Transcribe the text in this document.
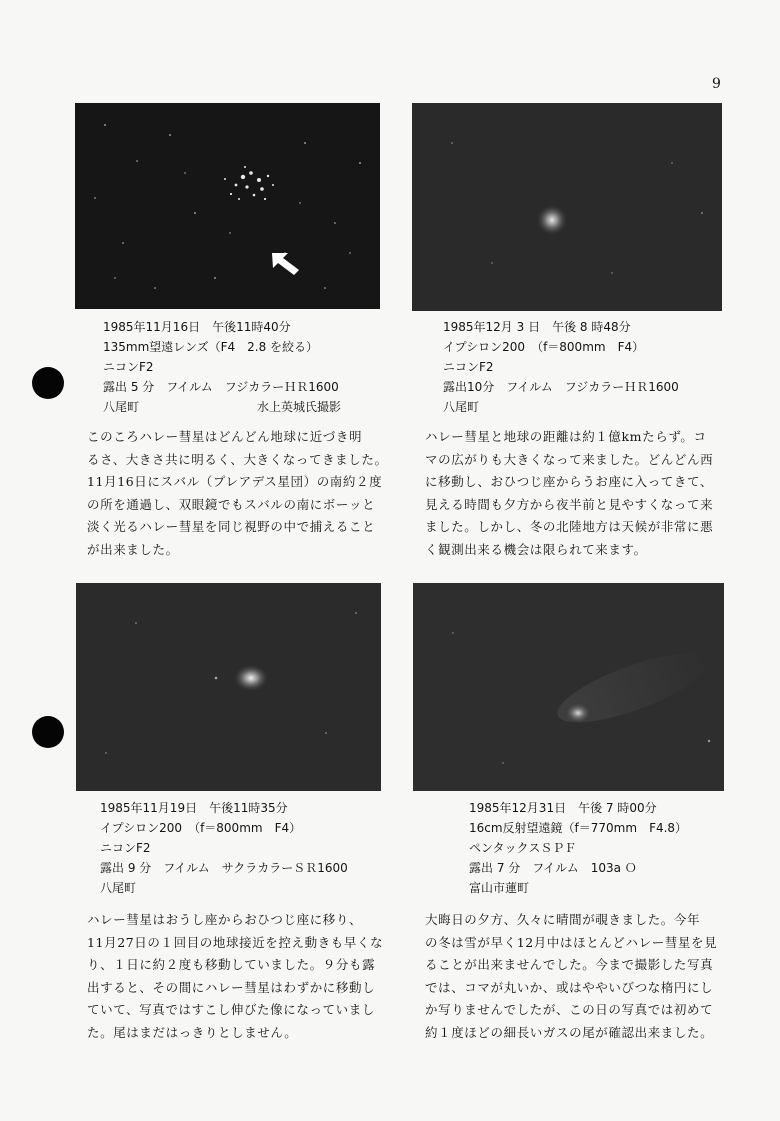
9
1985年11月16日　午後11時40分
135mm望遠レンズ（F4　2.8 を絞る）
ニコンF2
露出 5 分　フイルム　フジカラーＨＲ1600
八尾町	水上英城氏撮影
このころハレー彗星はどんどん地球に近づき明
るさ、大きさ共に明るく、大きくなってきました。
11月16日にスバル（プレアデス星団）の南約２度
の所を通過し、双眼鏡でもスバルの南にボーッと
淡く光るハレー彗星を同じ視野の中で捕えること
が出来ました。
1985年12月 3 日　午後 8 時48分
イプシロン200　（f＝800mm　F4）
ニコンF2
露出10分　フイルム　フジカラーＨＲ1600
八尾町
ハレー彗星と地球の距離は約１億kmたらず。コ
マの広がりも大きくなって来ました。どんどん西
に移動し、おひつじ座からうお座に入ってきて、
見える時間も夕方から夜半前と見やすくなって来
ました。しかし、冬の北陸地方は天候が非常に悪
く観測出来る機会は限られて来ます。
1985年11月19日　午後11時35分
イプシロン200　（f＝800mm　F4）
ニコンF2
露出 9 分　フイルム　サクラカラーＳＲ1600
八尾町
ハレー彗星はおうし座からおひつじ座に移り、
11月27日の１回目の地球接近を控え動きも早くな
り、１日に約２度も移動していました。９分も露
出すると、その間にハレー彗星はわずかに移動し
ていて、写真ではすこし伸びた像になっていまし
た。尾はまだはっきりとしません。
1985年12月31日　午後 7 時00分
16cm反射望遠鏡（f＝770mm　F4.8）
ペンタックスＳＰＦ
露出 7 分　フイルム　103a Ｏ
富山市蓮町
大晦日の夕方、久々に晴間が覗きました。今年
の冬は雪が早く12月中はほとんどハレー彗星を見
ることが出来ませんでした。今まで撮影した写真
では、コマが丸いか、或はややいびつな楕円にし
か写りませんでしたが、この日の写真では初めて
約１度ほどの細長いガスの尾が確認出来ました。
